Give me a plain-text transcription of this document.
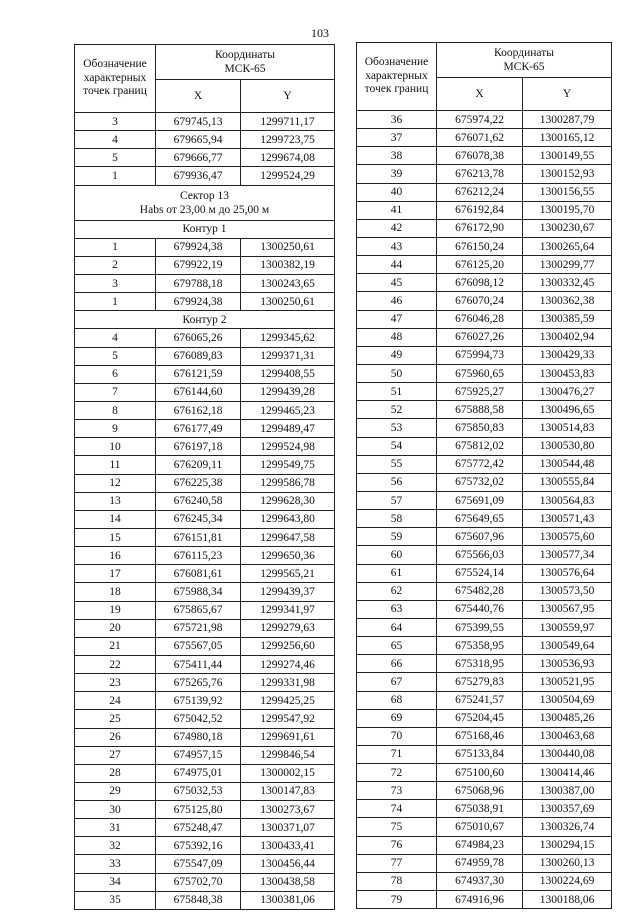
103
Обозначение характерных точек границ	Координаты
МСК-65	
	X	Y
3	679745,13	1299711,17
4	679665,94	1299723,75
5	679666,77	1299674,08
1	679936,47	1299524,29
Сектор 13
Нabs от 23,00 м до 25,00 м		
Контур 1		
1	679924,38	1300250,61
2	679922,19	1300382,19
3	679788,18	1300243,65
1	679924,38	1300250,61
Контур 2		
4	676065,26	1299345,62
5	676089,83	1299371,31
6	676121,59	1299408,55
7	676144,60	1299439,28
8	676162,18	1299465,23
9	676177,49	1299489,47
10	676197,18	1299524,98
11	676209,11	1299549,75
12	676225,38	1299586,78
13	676240,58	1299628,30
14	676245,34	1299643,80
15	676151,81	1299647,58
16	676115,23	1299650,36
17	676081,61	1299565,21
18	675988,34	1299439,37
19	675865,67	1299341,97
20	675721,98	1299279,63
21	675567,05	1299256,60
22	675411,44	1299274,46
23	675265,76	1299331,98
24	675139,92	1299425,25
25	675042,52	1299547,92
26	674980,18	1299691,61
27	674957,15	1299846,54
28	674975,01	1300002,15
29	675032,53	1300147,83
30	675125,80	1300273,67
31	675248,47	1300371,07
32	675392,16	1300433,41
33	675547,09	1300456,44
34	675702,70	1300438,58
35	675848,38	1300381,06
Обозначение характерных точек границ	Координаты
МСК-65	
	X	Y
36	675974,22	1300287,79
37	676071,62	1300165,12
38	676078,38	1300149,55
39	676213,78	1300152,93
40	676212,24	1300156,55
41	676192,84	1300195,70
42	676172,90	1300230,67
43	676150,24	1300265,64
44	676125,20	1300299,77
45	676098,12	1300332,45
46	676070,24	1300362,38
47	676046,28	1300385,59
48	676027,26	1300402,94
49	675994,73	1300429,33
50	675960,65	1300453,83
51	675925,27	1300476,27
52	675888,58	1300496,65
53	675850,83	1300514,83
54	675812,02	1300530,80
55	675772,42	1300544,48
56	675732,02	1300555,84
57	675691,09	1300564,83
58	675649,65	1300571,43
59	675607,96	1300575,60
60	675566,03	1300577,34
61	675524,14	1300576,64
62	675482,28	1300573,50
63	675440,76	1300567,95
64	675399,55	1300559,97
65	675358,95	1300549,64
66	675318,95	1300536,93
67	675279,83	1300521,95
68	675241,57	1300504,69
69	675204,45	1300485,26
70	675168,46	1300463,68
71	675133,84	1300440,08
72	675100,60	1300414,46
73	675068,96	1300387,00
74	675038,91	1300357,69
75	675010,67	1300326,74
76	674984,23	1300294,15
77	674959,78	1300260,13
78	674937,30	1300224,69
79	674916,96	1300188,06
